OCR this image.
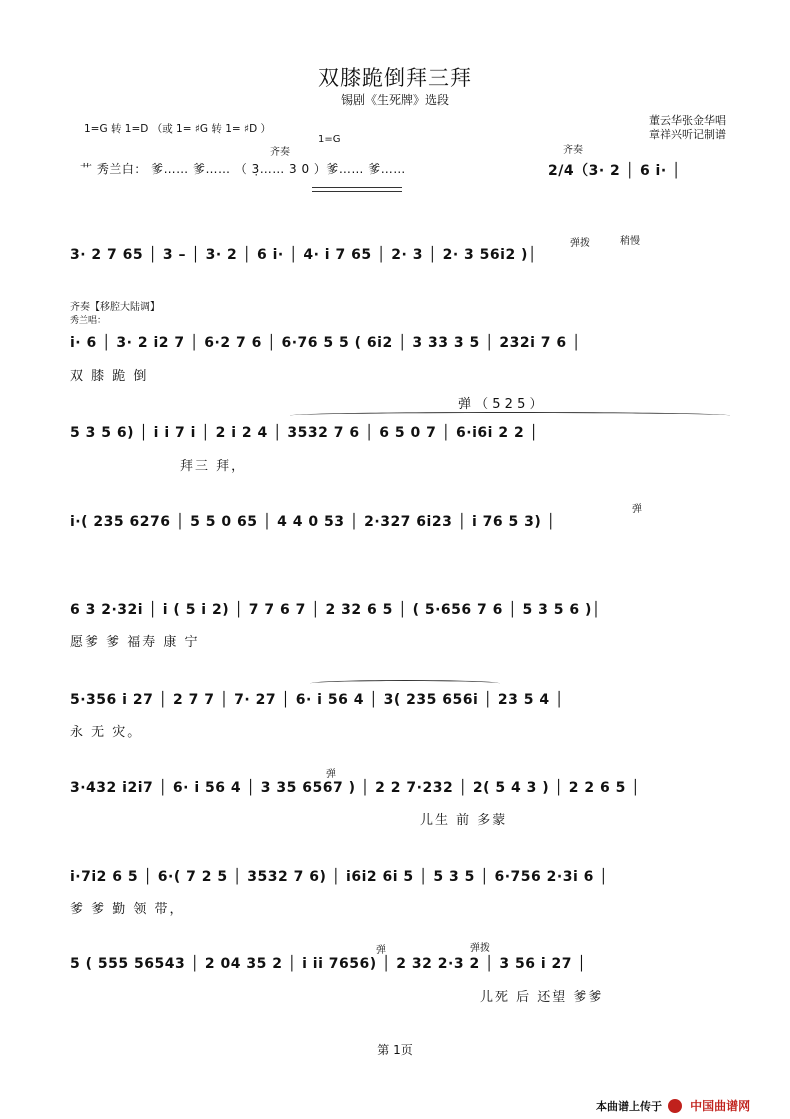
双膝跪倒拜三拜
锡剧《生死牌》选段
董云华张金华唱
章祥兴听记制谱
1=G 转 1=D （或 1= ♯G 转 1= ♯D ）
齐奏
1=G
艹 秀兰白： 爹…… 爹…… （ 3̣…… 3 0 ）爹…… 爹……
齐奏
2/4（3· 2 │ 6 i· │
弹拨	稍慢
3· 2 7 65 │ 3 – │ 3· 2 │ 6 i· │ 4· i 7 65 │ 2· 3 │ 2· 3 56i2 )│
齐奏【移腔大陆调】
秀兰唱：
i· 6 │ 3· 2 i2 7 │ 6·2 7 6 │ 6·76 5 5 ( 6i2 │ 3 33 3 5 │ 232i 7 6 │
双 膝 跪 倒
弹 （ 5 2 5 ）
5 3 5 6) │ i i 7 i │ 2 i 2 4 │ 3532 7 6 │ 6 5 0 7 │ 6·i6i 2 2 │
拜三 拜，
弹
i·( 235 6276 │ 5 5 0 65 │ 4 4 0 53 │ 2·327 6i23 │ i 76 5 3) │
6 3 2·32i │ i ( 5 i 2) │ 7 7 6 7 │ 2 32 6 5 │ ( 5·656 7 6 │ 5 3 5 6 )│
愿爹 爹 福寿 康 宁
5·356 i 27 │ 2 7 7 │ 7· 27 │ 6· i 56 4 │ 3( 235 656i │ 23 5 4 │
永 无 灾。
弹
3·432 i2i7 │ 6· i 56 4 │ 3 35 6567 ) │ 2 2 7·232 │ 2( 5 4 3 ) │ 2 2 6 5 │
儿生 前 多蒙
i·7i2 6 5 │ 6·( 7 2 5 │ 3532 7 6) │ i6i2 6i 5 │ 5 3 5 │ 6·756 2·3i 6 │
爹 爹 勤 领 带，
弹	弹拨
5 ( 555 56543 │ 2 04 35 2 │ i ii 7656) │ 2 32 2·3 2 │ 3 56 i 27 │
儿死 后 还望 爹爹
第 1页
本曲谱上传于	中国曲谱网
